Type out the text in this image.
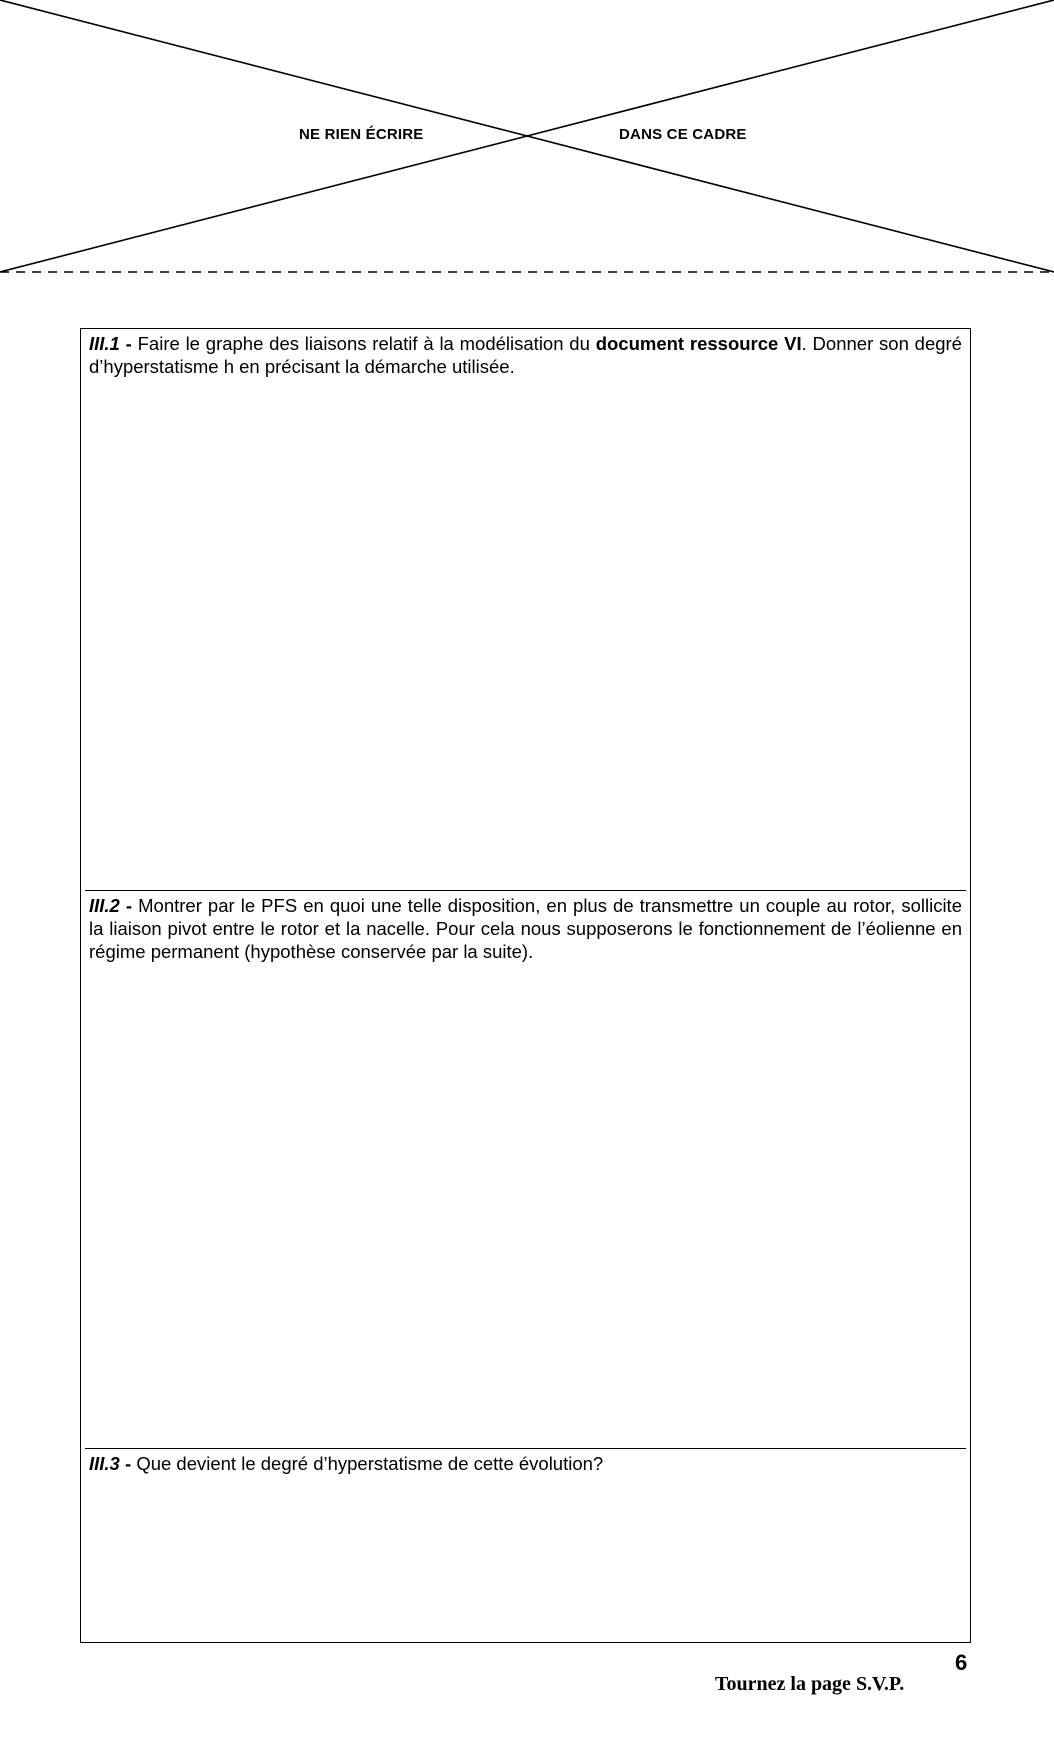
NE RIEN ÉCRIRE	DANS CE CADRE

III.1 - Faire le graphe des liaisons relatif à la modélisation du document ressource VI. Donner son degré d’hyperstatisme h en précisant la démarche utilisée.

III.2 - Montrer par le PFS en quoi une telle disposition, en plus de transmettre un couple au rotor, sollicite la liaison pivot entre le rotor et la nacelle. Pour cela nous supposerons le fonctionnement de l’éolienne en régime permanent (hypothèse conservée par la suite).

III.3 - Que devient le degré d’hyperstatisme de cette évolution?

6
Tournez la page S.V.P.
